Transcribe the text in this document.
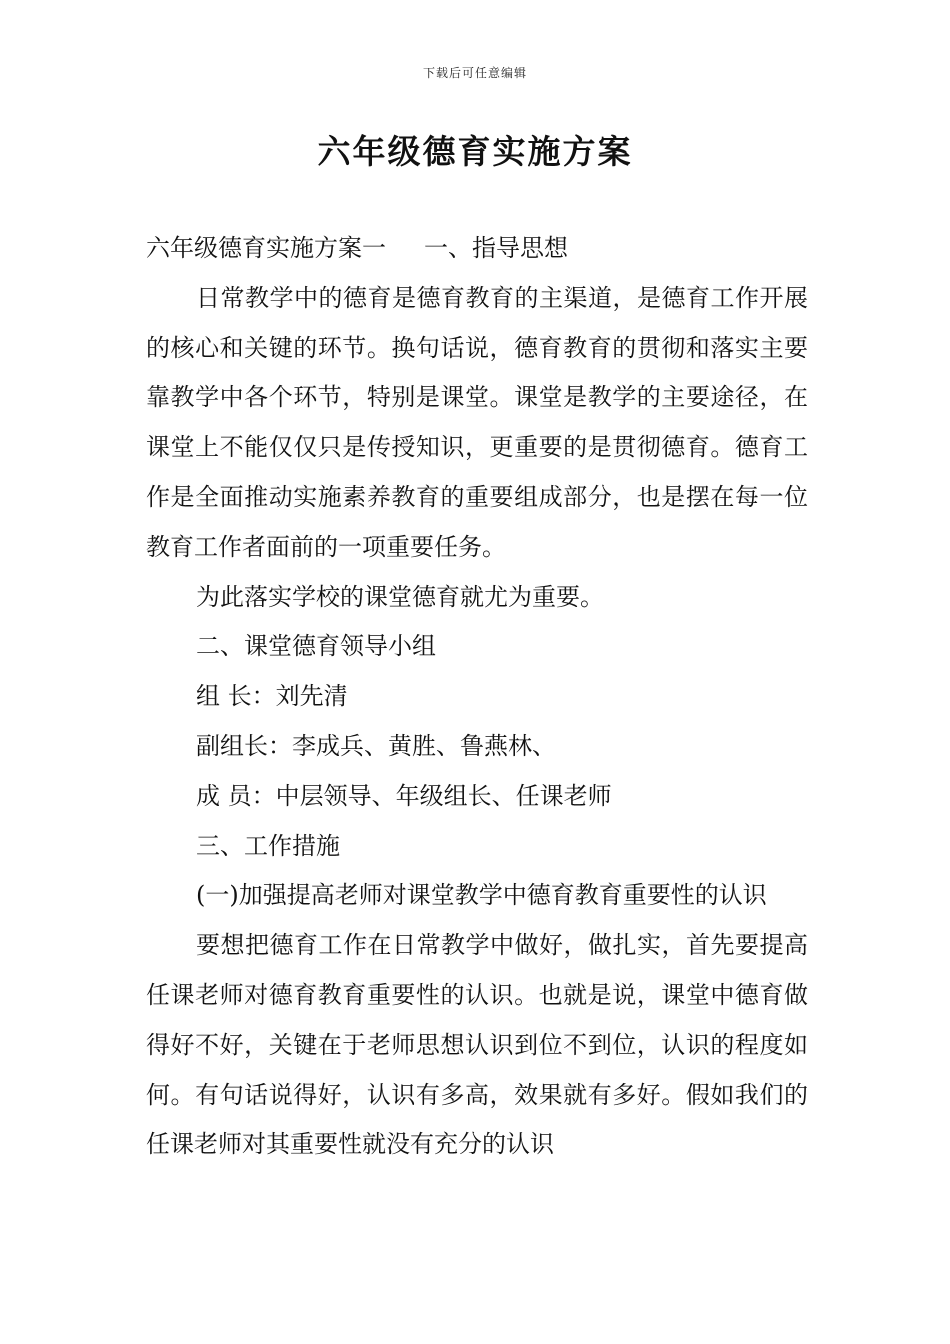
下载后可任意编辑
六年级德育实施方案

六年级德育实施方案一 一、指导思想

日常教学中的德育是德育教育的主渠道，是德育工作开展的核心和关键的环节。换句话说，德育教育的贯彻和落实主要靠教学中各个环节，特别是课堂。课堂是教学的主要途径，在课堂上不能仅仅只是传授知识，更重要的是贯彻德育。德育工作是全面推动实施素养教育的重要组成部分，也是摆在每一位教育工作者面前的一项重要任务。

为此落实学校的课堂德育就尤为重要。

二、课堂德育领导小组

组 长：刘先清

副组长：李成兵、黄胜、鲁燕林、

成 员：中层领导、年级组长、任课老师

三、工作措施

(一)加强提高老师对课堂教学中德育教育重要性的认识

要想把德育工作在日常教学中做好，做扎实，首先要提高任课老师对德育教育重要性的认识。也就是说，课堂中德育做得好不好，关键在于老师思想认识到位不到位，认识的程度如何。有句话说得好，认识有多高，效果就有多好。假如我们的任课老师对其重要性就没有充分的认识
